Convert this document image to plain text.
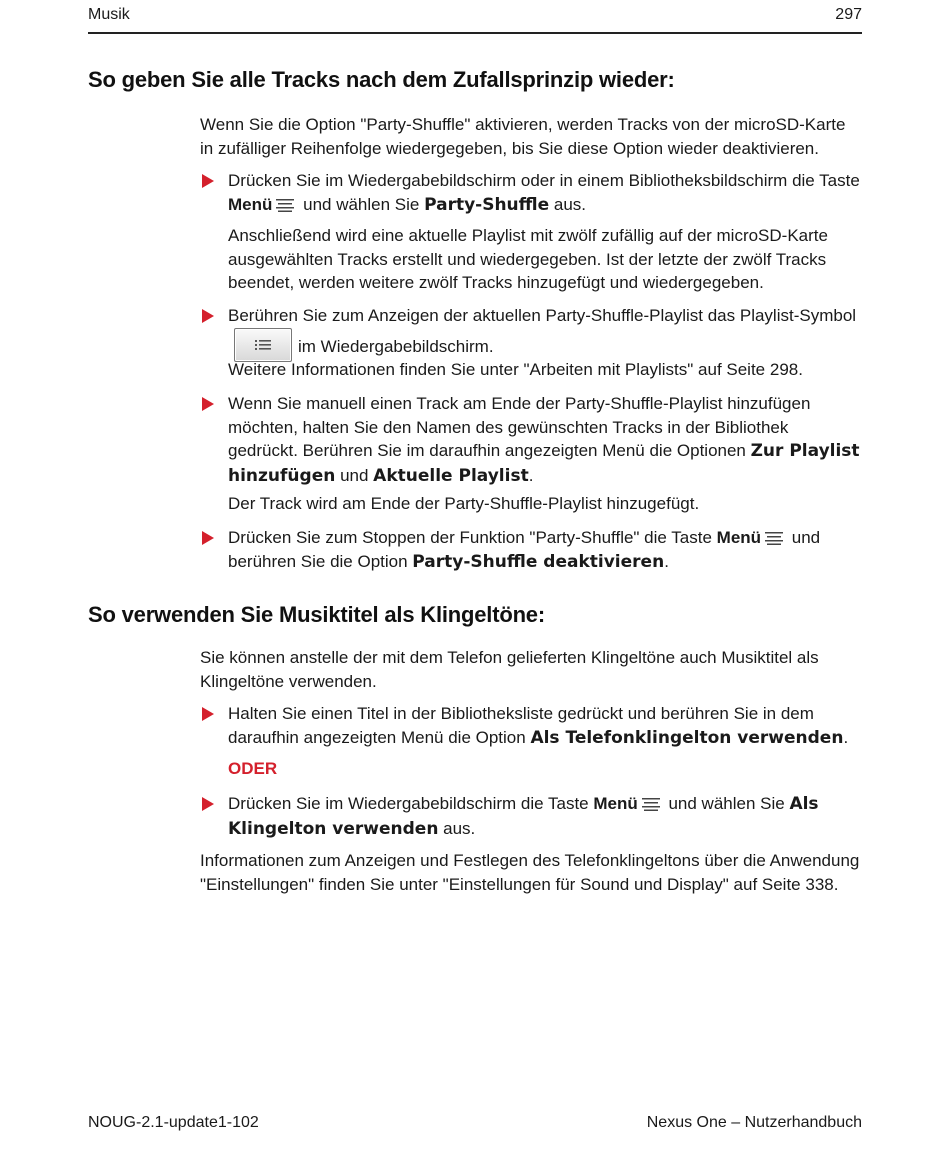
Musik	297
So geben Sie alle Tracks nach dem Zufallsprinzip wieder:

Wenn Sie die Option "Party-Shuffle" aktivieren, werden Tracks von der microSD-Karte in zufälliger Reihenfolge wiedergegeben, bis Sie diese Option wieder deaktivieren.

Drücken Sie im Wiedergabebildschirm oder in einem Bibliotheksbildschirm die Taste Menü und wählen Sie Party-Shuffle aus.

Anschließend wird eine aktuelle Playlist mit zwölf zufällig auf der microSD-Karte ausgewählten Tracks erstellt und wiedergegeben. Ist der letzte der zwölf Tracks beendet, werden weitere zwölf Tracks hinzugefügt und wiedergegeben.

Berühren Sie zum Anzeigen der aktuellen Party-Shuffle-Playlist das Playlist-Symbolim Wiedergabebildschirm.

Weitere Informationen finden Sie unter "Arbeiten mit Playlists" auf Seite 298.

Wenn Sie manuell einen Track am Ende der Party-Shuffle-Playlist hinzufügen möchten, halten Sie den Namen des gewünschten Tracks in der Bibliothek gedrückt. Berühren Sie im daraufhin angezeigten Menü die Optionen Zur Playlist hinzufügen und Aktuelle Playlist.

Der Track wird am Ende der Party-Shuffle-Playlist hinzugefügt.

Drücken Sie zum Stoppen der Funktion "Party-Shuffle" die Taste Menü und berühren Sie die Option Party-Shuffle deaktivieren.
So verwenden Sie Musiktitel als Klingeltöne:

Sie können anstelle der mit dem Telefon gelieferten Klingeltöne auch Musiktitel als Klingeltöne verwenden.

Halten Sie einen Titel in der Bibliotheksliste gedrückt und berühren Sie in dem daraufhin angezeigten Menü die Option Als Telefonklingelton verwenden.
ODER
Drücken Sie im Wiedergabebildschirm die Taste Menü und wählen Sie Als Klingelton verwenden aus.

Informationen zum Anzeigen und Festlegen des Telefonklingeltons über die Anwendung "Einstellungen" finden Sie unter "Einstellungen für Sound und Display" auf Seite 338.

NOUG-2.1-update1-102	Nexus One – Nutzerhandbuch
